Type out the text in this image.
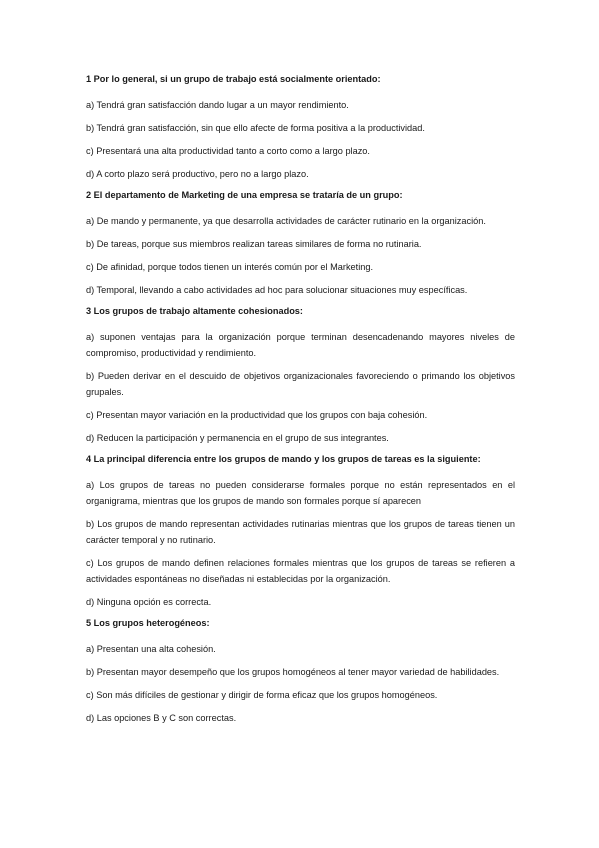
1 Por lo general, si un grupo de trabajo está socialmente orientado:

a) Tendrá gran satisfacción dando lugar a un mayor rendimiento.

b) Tendrá gran satisfacción, sin que ello afecte de forma positiva a la productividad.

c) Presentará una alta productividad tanto a corto como a largo plazo.

d) A corto plazo será productivo, pero no a largo plazo.

2 El departamento de Marketing de una empresa se trataría de un grupo:

a) De mando y permanente, ya que desarrolla actividades de carácter rutinario en la organización.

b) De tareas, porque sus miembros realizan tareas similares de forma no rutinaria.

c) De afinidad, porque todos tienen un interés común por el Marketing.

d) Temporal, llevando a cabo actividades ad hoc para solucionar situaciones muy específicas.

3 Los grupos de trabajo altamente cohesionados:

a) suponen ventajas para la organización porque terminan desencadenando mayores niveles de compromiso, productividad y rendimiento.

b) Pueden derivar en el descuido de objetivos organizacionales favoreciendo o primando los objetivos grupales.

c) Presentan mayor variación en la productividad que los grupos con baja cohesión.

d) Reducen la participación y permanencia en el grupo de sus integrantes.

4 La principal diferencia entre los grupos de mando y los grupos de tareas es la siguiente:

a) Los grupos de tareas no pueden considerarse formales porque no están representados en el organigrama, mientras que los grupos de mando son formales porque sí aparecen

b) Los grupos de mando representan actividades rutinarias mientras que los grupos de tareas tienen un carácter temporal y no rutinario.

c) Los grupos de mando definen relaciones formales mientras que los grupos de tareas se refieren a actividades espontáneas no diseñadas ni establecidas por la organización.

d) Ninguna opción es correcta.

5 Los grupos heterogéneos:

a) Presentan una alta cohesión.

b) Presentan mayor desempeño que los grupos homogéneos al tener mayor variedad de habilidades.

c) Son más difíciles de gestionar y dirigir de forma eficaz que los grupos homogéneos.

d) Las opciones B y C son correctas.
